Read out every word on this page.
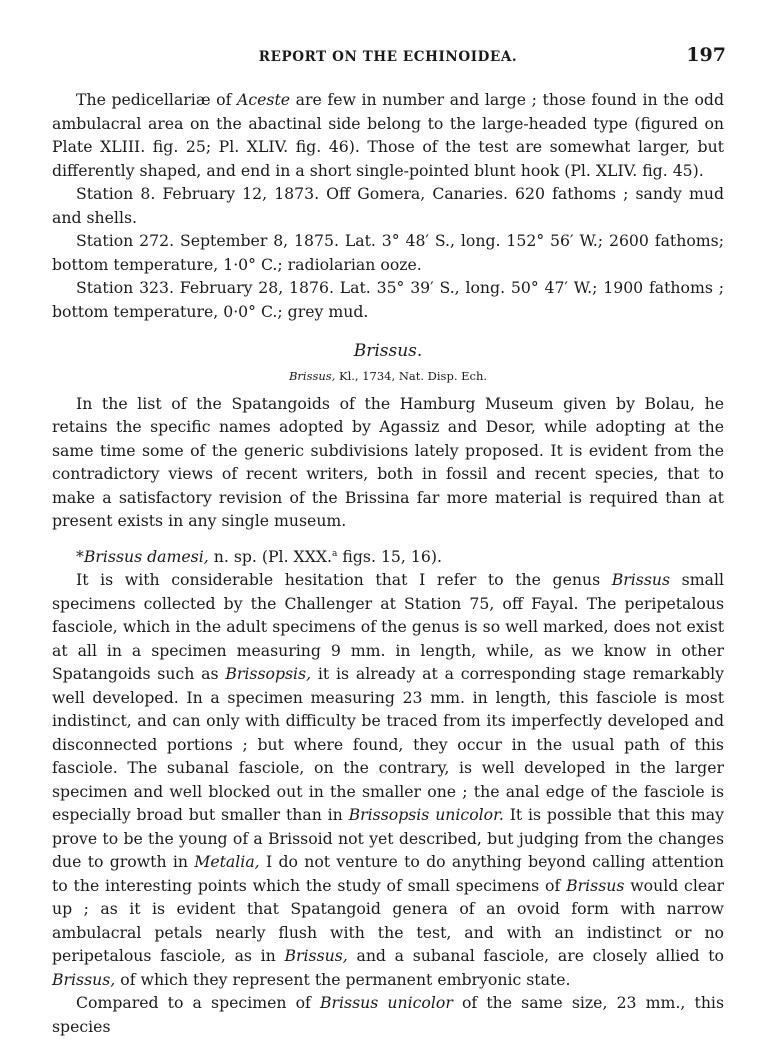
REPORT ON THE ECHINOIDEA.	197

The pedicellariæ of Aceste are few in number and large ; those found in the odd ambulacral area on the abactinal side belong to the large-headed type (figured on Plate XLIII. fig. 25; Pl. XLIV. fig. 46). Those of the test are somewhat larger, but differently shaped, and end in a short single-pointed blunt hook (Pl. XLIV. fig. 45).

Station 8. February 12, 1873. Off Gomera, Canaries. 620 fathoms ; sandy mud and shells.

Station 272. September 8, 1875. Lat. 3° 48′ S., long. 152° 56′ W.; 2600 fathoms; bottom temperature, 1·0° C.; radiolarian ooze.

Station 323. February 28, 1876. Lat. 35° 39′ S., long. 50° 47′ W.; 1900 fathoms ; bottom temperature, 0·0° C.; grey mud.

Brissus.
Brissus, Kl., 1734, Nat. Disp. Ech.

In the list of the Spatangoids of the Hamburg Museum given by Bolau, he retains the specific names adopted by Agassiz and Desor, while adopting at the same time some of the generic subdivisions lately proposed. It is evident from the contradictory views of recent writers, both in fossil and recent species, that to make a satisfactory revision of the Brissina far more material is required than at present exists in any single museum.

*Brissus damesi, n. sp. (Pl. XXX.$^a$ figs. 15, 16).

It is with considerable hesitation that I refer to the genus Brissus small specimens collected by the Challenger at Station 75, off Fayal. The peripetalous fasciole, which in the adult specimens of the genus is so well marked, does not exist at all in a specimen measuring 9 mm. in length, while, as we know in other Spatangoids such as Brissopsis, it is already at a corresponding stage remarkably well developed. In a specimen measuring 23 mm. in length, this fasciole is most indistinct, and can only with difficulty be traced from its imperfectly developed and disconnected portions ; but where found, they occur in the usual path of this fasciole. The subanal fasciole, on the contrary, is well developed in the larger specimen and well blocked out in the smaller one ; the anal edge of the fasciole is especially broad but smaller than in Brissopsis unicolor. It is possible that this may prove to be the young of a Brissoid not yet described, but judging from the changes due to growth in Metalia, I do not venture to do anything beyond calling attention to the interesting points which the study of small specimens of Brissus would clear up ; as it is evident that Spatangoid genera of an ovoid form with narrow ambulacral petals nearly flush with the test, and with an indistinct or no peripetalous fasciole, as in Brissus, and a subanal fasciole, are closely allied to Brissus, of which they represent the permanent embryonic state.

Compared to a specimen of Brissus unicolor of the same size, 23 mm., this species
